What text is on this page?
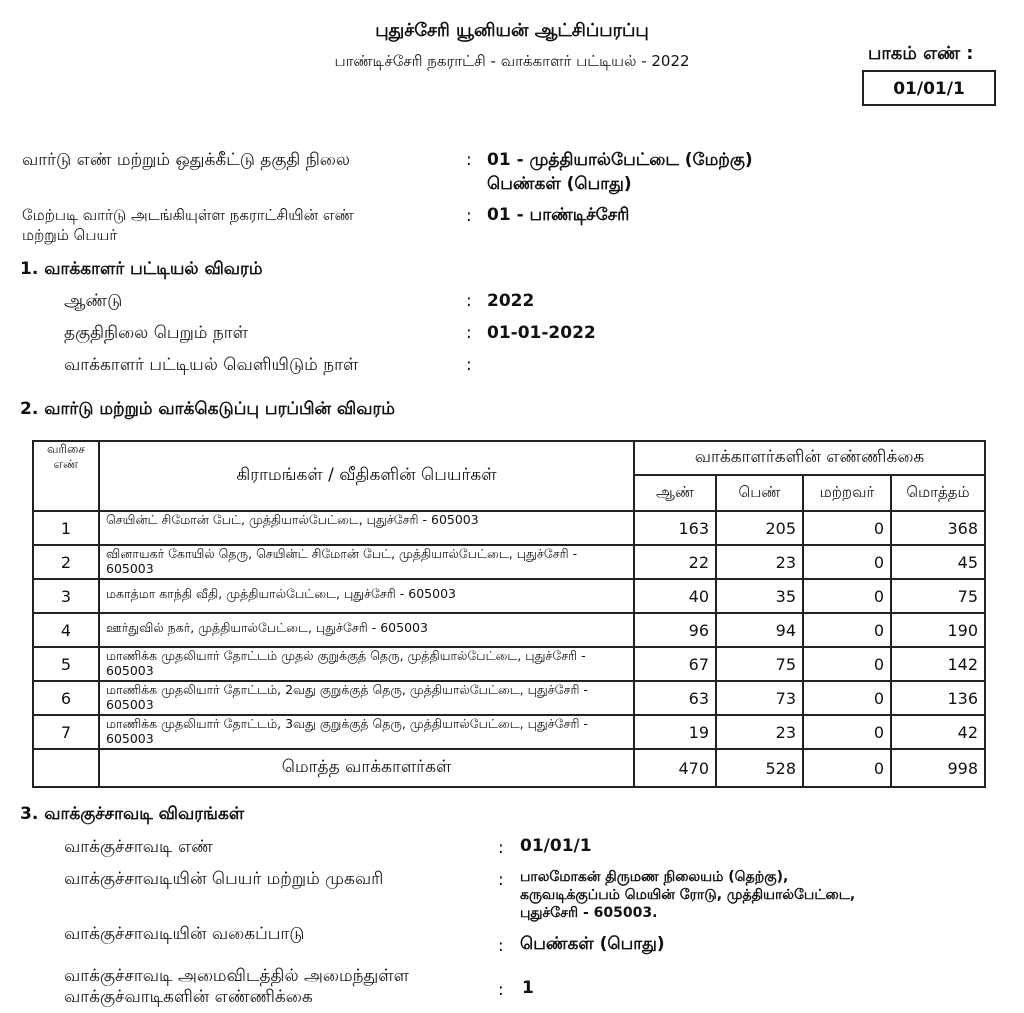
புதுச்சேரி யூனியன் ஆட்சிப்பரப்பு
பாண்டிச்சேரி நகராட்சி - வாக்காளர் பட்டியல் - 2022	பாகம் எண் :
01/01/1
வார்டு எண் மற்றும் ஒதுக்கீட்டு தகுதி நிலை	: 01 - முத்தியால்பேட்டை (மேற்கு)
பெண்கள் (பொது)
மேற்படி வார்டு அடங்கியுள்ள நகராட்சியின் எண்
மற்றும் பெயர்
: 01 - பாண்டிச்சேரி
1. வாக்காளர் பட்டியல் விவரம்
ஆண்டு	: 2022
தகுதிநிலை பெறும் நாள்	: 01-01-2022
வாக்காளர் பட்டியல் வெளியிடும் நாள்	:
2. வார்டு மற்றும் வாக்கெடுப்பு பரப்பின் விவரம்
வரிசை
எண்	கிராமங்கள் / வீதிகளின் பெயர்கள்	வாக்காளர்களின் எண்ணிக்கை			
		ஆண்	பெண்	மற்றவர்	மொத்தம்
1	செயின்ட் சிமோன் பேட், முத்தியால்பேட்டை, புதுச்சேரி - 605003	163	205	0	368
2	வினாயகர் கோயில் தெரு, செயின்ட் சிமோன் பேட், முத்தியால்பேட்டை, புதுச்சேரி - 605003	22	23	0	45
3	மகாத்மா காந்தி வீதி, முத்தியால்பேட்டை, புதுச்சேரி - 605003	40	35	0	75
4	ஊர்துவில் நகர், முத்தியால்பேட்டை, புதுச்சேரி - 605003	96	94	0	190
5	மாணிக்க முதலியார் தோட்டம் முதல் குறுக்குத் தெரு, முத்தியால்பேட்டை, புதுச்சேரி - 605003	67	75	0	142
6	மாணிக்க முதலியார் தோட்டம், 2வது குறுக்குத் தெரு, முத்தியால்பேட்டை, புதுச்சேரி - 605003	63	73	0	136
7	மாணிக்க முதலியார் தோட்டம், 3வது குறுக்குத் தெரு, முத்தியால்பேட்டை, புதுச்சேரி - 605003	19	23	0	42
	மொத்த வாக்காளர்கள்	470	528	0	998
3. வாக்குச்சாவடி விவரங்கள்
வாக்குச்சாவடி எண்	: 01/01/1
வாக்குச்சாவடியின் பெயர் மற்றும் முகவரி	: பாலமோகன் திருமண நிலையம் (தெற்கு),
கருவடிக்குப்பம் மெயின் ரோடு, முத்தியால்பேட்டை,
புதுச்சேரி - 605003.
வாக்குச்சாவடியின் வகைப்பாடு
: பெண்கள் (பொது)
வாக்குச்சாவடி அமைவிடத்தில் அமைந்துள்ள
வாக்குச்வாடிகளின் எண்ணிக்கை	: 1
